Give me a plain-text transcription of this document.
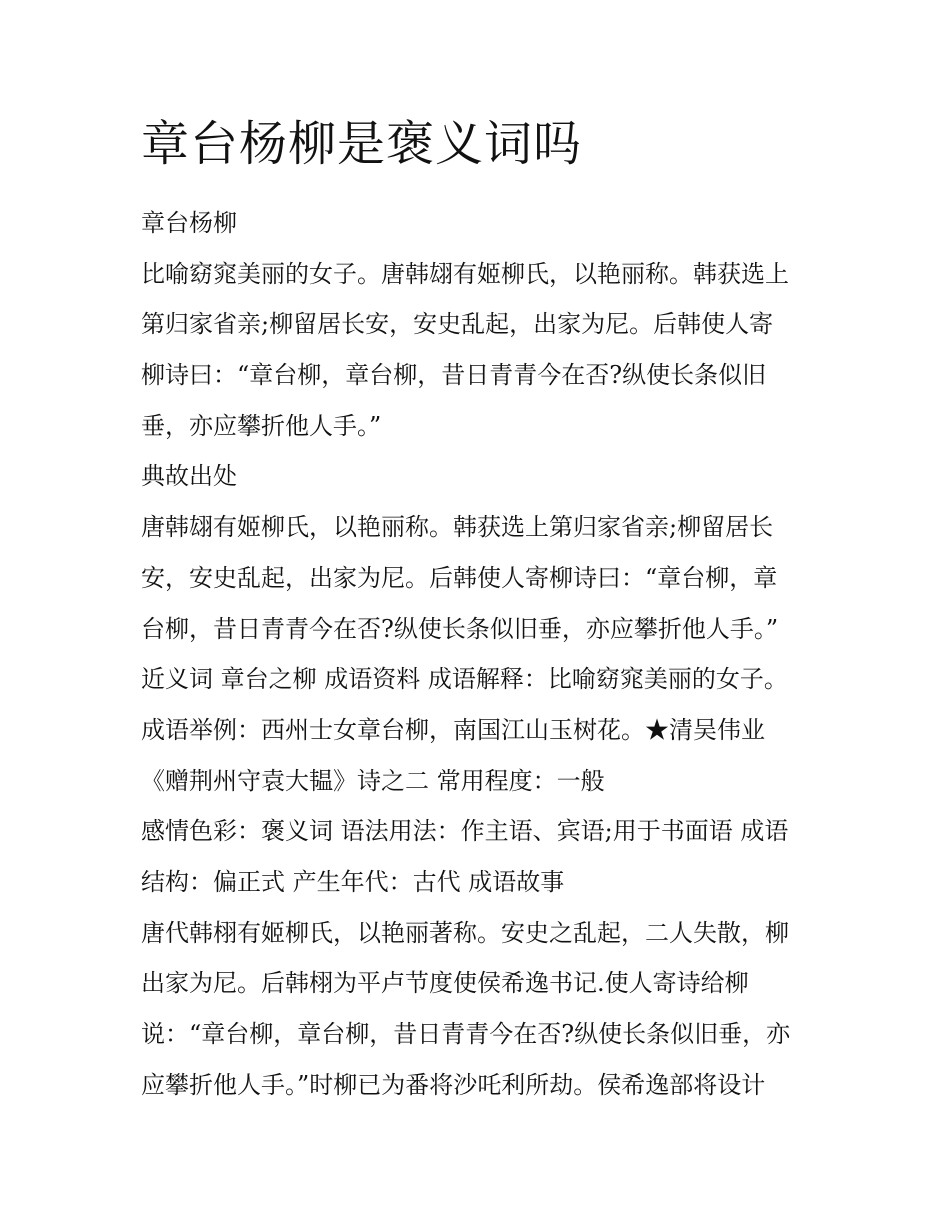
章台杨柳是褒义词吗

章台杨柳

比喻窈窕美丽的女子。唐韩翃有姬柳氏，以艳丽称。韩获选上

第归家省亲;柳留居长安，安史乱起，出家为尼。后韩使人寄

柳诗曰：“章台柳，章台柳，昔日青青今在否?纵使长条似旧

垂，亦应攀折他人手。”

典故出处

唐韩翃有姬柳氏，以艳丽称。韩获选上第归家省亲;柳留居长

安，安史乱起，出家为尼。后韩使人寄柳诗曰：“章台柳，章

台柳，昔日青青今在否?纵使长条似旧垂，亦应攀折他人手。”

近义词 章台之柳 成语资料 成语解释：比喻窈窕美丽的女子。

成语举例：西州士女章台柳，南国江山玉树花。★清吴伟业

《赠荆州守袁大韫》诗之二 常用程度：一般

感情色彩：褒义词 语法用法：作主语、宾语;用于书面语 成语

结构：偏正式 产生年代：古代 成语故事

唐代韩栩有姬柳氏，以艳丽著称。安史之乱起，二人失散，柳

出家为尼。后韩栩为平卢节度使侯希逸书记.使人寄诗给柳

说：“章台柳，章台柳，昔日青青今在否?纵使长条似旧垂，亦

应攀折他人手。”时柳已为番将沙吒利所劫。侯希逸部将设计
